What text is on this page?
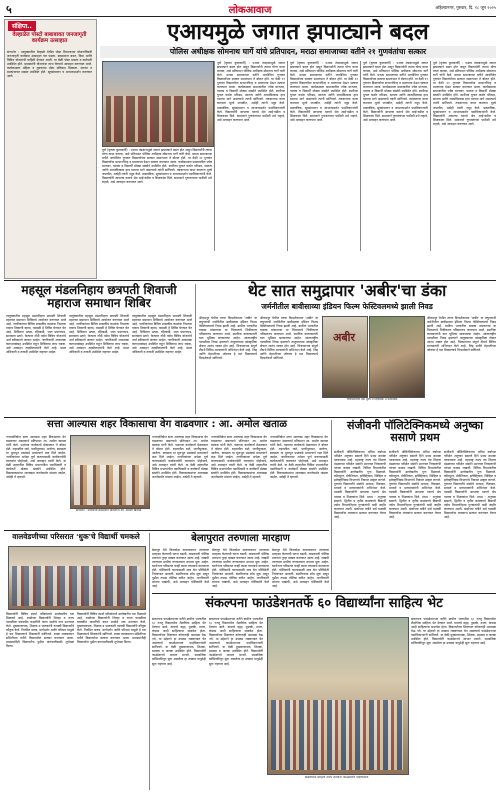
५	लोकआवाज	अहिल्यानगर, गुरुवार, दि. १८ जून २०२५
संक्षिप्त..
वेल्हाळेत पोस्टो बाबाबावत जनजागृती कार्यक्रम उत्साहात
संगमनेर : तालुक्यातील वेल्हाळे येथील पोस्ट विभागाच्या योजनांविषयी जनजागृती कार्यक्रम उत्साहात पार पडला. ग्रामस्थांना बचत, विमा आणि विविध योजनांची माहिती देण्यात आली. या वेळी पोस्ट मास्तर व कर्मचारी उपस्थित होते. ग्रामस्थांनी योजनांचा लाभ घेण्याचे आवाहन करण्यात आले. कार्यक्रमाला महिला व युवकांचा मोठा प्रतिसाद मिळाला. सरपंच व ग्रामपंचायत सदस्य उपस्थित होते. सूत्रसंचालन व आभारप्रदर्शन करण्यात आले.
एआयमुळे जगात झपाट्याने बदल
पोलिस अधीक्षक सोमनाथ घार्गे यांचे प्रतिपादन, मराठा समाजाच्या वतीने २१ गुणवंतांचा सत्कार
पुणे (कृष्णा कुलकर्णी) : एआय तंत्रज्ञानामुळे जगात झपाट्याने बदल होत असून विद्यार्थ्यांनी त्याचा योग्य वापर करावा, असे प्रतिपादन पोलिस अधीक्षक सोमनाथ घार्गे यांनी केले. मराठा समाजाच्या वतीने आयोजित गुणवंत विद्यार्थ्यांच्या सत्कार समारंभात ते बोलत होते. या वेळी २१ गुणवंत विद्यार्थ्यांचा सन्मानचिन्ह व प्रमाणपत्र देऊन सत्कार करण्यात आला. कार्यक्रमाला समाजातील ज्येष्ठ मान्यवर, पालक व विद्यार्थी मोठ्या संख्येने उपस्थित होते. स्पर्धेच्या युगात कठोर परिश्रम, सातत्य आणि आत्मविश्वास हाच यशाचा मार्ग असल्याचे त्यांनी सांगितले. तंत्रज्ञानाचा वापर करताना मूल्ये जपावीत, असेही त्यांनी नमूद केले. प्रास्ताविक, सूत्रसंचालन व आभारप्रदर्शन पदाधिकाऱ्यांनी केले. विद्यार्थ्यांनी आपल्या यशाचे श्रेय आई-वडील व शिक्षकांना दिले. समाजाने गुणवंतांच्या पाठीशी उभे राहावे, असे आवाहन करण्यात आले.
पुणे (कृष्णा कुलकर्णी) : एआय तंत्रज्ञानामुळे जगात झपाट्याने बदल होत असून विद्यार्थ्यांनी त्याचा योग्य वापर करावा, असे प्रतिपादन पोलिस अधीक्षक सोमनाथ घार्गे यांनी केले. मराठा समाजाच्या वतीने आयोजित गुणवंत विद्यार्थ्यांच्या सत्कार समारंभात ते बोलत होते. या वेळी २१ गुणवंत विद्यार्थ्यांचा सन्मानचिन्ह व प्रमाणपत्र देऊन सत्कार करण्यात आला. कार्यक्रमाला समाजातील ज्येष्ठ मान्यवर, पालक व विद्यार्थी मोठ्या संख्येने उपस्थित होते. स्पर्धेच्या युगात कठोर परिश्रम, सातत्य आणि आत्मविश्वास हाच यशाचा मार्ग असल्याचे त्यांनी सांगितले. तंत्रज्ञानाचा वापर करताना मूल्ये जपावीत, असेही त्यांनी नमूद केले. प्रास्ताविक, सूत्रसंचालन व आभारप्रदर्शन पदाधिकाऱ्यांनी केले. विद्यार्थ्यांनी आपल्या यशाचे श्रेय आई-वडील व शिक्षकांना दिले. समाजाने गुणवंतांच्या पाठीशी उभे राहावे, असे आवाहन करण्यात आले.
पुणे (कृष्णा कुलकर्णी) : एआय तंत्रज्ञानामुळे जगात झपाट्याने बदल होत असून विद्यार्थ्यांनी त्याचा योग्य वापर करावा, असे प्रतिपादन पोलिस अधीक्षक सोमनाथ घार्गे यांनी केले. मराठा समाजाच्या वतीने आयोजित गुणवंत विद्यार्थ्यांच्या सत्कार समारंभात ते बोलत होते. या वेळी २१ गुणवंत विद्यार्थ्यांचा सन्मानचिन्ह व प्रमाणपत्र देऊन सत्कार करण्यात आला. कार्यक्रमाला समाजातील ज्येष्ठ मान्यवर, पालक व विद्यार्थी मोठ्या संख्येने उपस्थित होते. स्पर्धेच्या युगात कठोर परिश्रम, सातत्य आणि आत्मविश्वास हाच यशाचा मार्ग असल्याचे त्यांनी सांगितले. तंत्रज्ञानाचा वापर करताना मूल्ये जपावीत, असेही त्यांनी नमूद केले. प्रास्ताविक, सूत्रसंचालन व आभारप्रदर्शन पदाधिकाऱ्यांनी केले. विद्यार्थ्यांनी आपल्या यशाचे श्रेय आई-वडील व शिक्षकांना दिले. समाजाने गुणवंतांच्या पाठीशी उभे राहावे, असे आवाहन करण्यात आले.
पुणे (कृष्णा कुलकर्णी) : एआय तंत्रज्ञानामुळे जगात झपाट्याने बदल होत असून विद्यार्थ्यांनी त्याचा योग्य वापर करावा, असे प्रतिपादन पोलिस अधीक्षक सोमनाथ घार्गे यांनी केले. मराठा समाजाच्या वतीने आयोजित गुणवंत विद्यार्थ्यांच्या सत्कार समारंभात ते बोलत होते. या वेळी २१ गुणवंत विद्यार्थ्यांचा सन्मानचिन्ह व प्रमाणपत्र देऊन सत्कार करण्यात आला. कार्यक्रमाला समाजातील ज्येष्ठ मान्यवर, पालक व विद्यार्थी मोठ्या संख्येने उपस्थित होते. स्पर्धेच्या युगात कठोर परिश्रम, सातत्य आणि आत्मविश्वास हाच यशाचा मार्ग असल्याचे त्यांनी सांगितले. तंत्रज्ञानाचा वापर करताना मूल्ये जपावीत, असेही त्यांनी नमूद केले. प्रास्ताविक, सूत्रसंचालन व आभारप्रदर्शन पदाधिकाऱ्यांनी केले. विद्यार्थ्यांनी आपल्या यशाचे श्रेय आई-वडील व शिक्षकांना दिले. समाजाने गुणवंतांच्या पाठीशी उभे राहावे, असे आवाहन करण्यात आले.
पुणे (कृष्णा कुलकर्णी) : एआय तंत्रज्ञानामुळे जगात झपाट्याने बदल होत असून विद्यार्थ्यांनी त्याचा योग्य वापर करावा, असे प्रतिपादन पोलिस अधीक्षक सोमनाथ घार्गे यांनी केले. मराठा समाजाच्या वतीने आयोजित गुणवंत विद्यार्थ्यांच्या सत्कार समारंभात ते बोलत होते. या वेळी २१ गुणवंत विद्यार्थ्यांचा सन्मानचिन्ह व प्रमाणपत्र देऊन सत्कार करण्यात आला. कार्यक्रमाला समाजातील ज्येष्ठ मान्यवर, पालक व विद्यार्थी मोठ्या संख्येने उपस्थित होते. स्पर्धेच्या युगात कठोर परिश्रम, सातत्य आणि आत्मविश्वास हाच यशाचा मार्ग असल्याचे त्यांनी सांगितले. तंत्रज्ञानाचा वापर करताना मूल्ये जपावीत, असेही त्यांनी नमूद केले. प्रास्ताविक, सूत्रसंचालन व आभारप्रदर्शन पदाधिकाऱ्यांनी केले. विद्यार्थ्यांनी आपल्या यशाचे श्रेय आई-वडील व शिक्षकांना दिले. समाजाने गुणवंतांच्या पाठीशी उभे राहावे, असे आवाहन करण्यात आले.
महसूल मंडलनिहाय छत्रपती शिवाजी महाराज समाधान शिबिर
तालुक्यातील महसूल मंडलनिहाय छत्रपती शिवाजी महाराज समाधान शिबिराचे आयोजन करण्यात आले आहे. नागरिकांच्या विविध शासकीय कामांचा निपटारा एकाच ठिकाणी व्हावा, यासाठी हे शिबिर घेण्यात येत आहे. शिबिरात उत्पन्न, रहिवासी, जात प्रमाणपत्र, सातबारा उतारे, फेरफार नोंदी तसेच विविध योजनांचे अर्ज स्वीकारले जाणार आहेत. नागरिकांनी आवश्यक कागदपत्रांसह उपस्थित राहून शिबिराचा लाभ घ्यावा, असे आवाहन तहसीलदारांनी केले आहे. मंडल अधिकारी व तलाठी उपस्थित राहणार आहेत.
तालुक्यातील महसूल मंडलनिहाय छत्रपती शिवाजी महाराज समाधान शिबिराचे आयोजन करण्यात आले आहे. नागरिकांच्या विविध शासकीय कामांचा निपटारा एकाच ठिकाणी व्हावा, यासाठी हे शिबिर घेण्यात येत आहे. शिबिरात उत्पन्न, रहिवासी, जात प्रमाणपत्र, सातबारा उतारे, फेरफार नोंदी तसेच विविध योजनांचे अर्ज स्वीकारले जाणार आहेत. नागरिकांनी आवश्यक कागदपत्रांसह उपस्थित राहून शिबिराचा लाभ घ्यावा, असे आवाहन तहसीलदारांनी केले आहे. मंडल अधिकारी व तलाठी उपस्थित राहणार आहेत.
तालुक्यातील महसूल मंडलनिहाय छत्रपती शिवाजी महाराज समाधान शिबिराचे आयोजन करण्यात आले आहे. नागरिकांच्या विविध शासकीय कामांचा निपटारा एकाच ठिकाणी व्हावा, यासाठी हे शिबिर घेण्यात येत आहे. शिबिरात उत्पन्न, रहिवासी, जात प्रमाणपत्र, सातबारा उतारे, फेरफार नोंदी तसेच विविध योजनांचे अर्ज स्वीकारले जाणार आहेत. नागरिकांनी आवश्यक कागदपत्रांसह उपस्थित राहून शिबिराचा लाभ घ्यावा, असे आवाहन तहसीलदारांनी केले आहे. मंडल अधिकारी व तलाठी उपस्थित राहणार आहेत.
थेट सात समुद्रापार 'अबीर'चा डंका
जर्मनीतील बावीसाव्या इंडियन फिल्म फेस्टिवलमध्ये झाली निवड
श्रीरामपूर येथील तरुण दिग्दर्शकाच्या 'अबीर' या लघुपटाची जर्मनीतील बावीसाव्या इंडियन फिल्म फेस्टिवलमध्ये निवड झाली आहे. ग्रामीण भागातील वास्तव मांडणाऱ्या या चित्रपटाचे चित्रीकरण परिसरातच करण्यात आले. स्थानिक कलाकारांनी यात भूमिका साकारल्या आहेत. आंतरराष्ट्रीय पातळीवर निवड झाल्याने तालुक्याच्या सांस्कृतिक क्षेत्रात आनंद व्यक्त होत आहे. चित्रपटाच्या संपूर्ण टीमचे विविध मान्यवरांनी अभिनंदन केले आहे. जिद्द आणि मेहनतीच्या जोरावर हे यश मिळाल्याचे दिग्दर्शकाने सांगितले.
श्रीरामपूर येथील तरुण दिग्दर्शकाच्या 'अबीर' या लघुपटाची जर्मनीतील बावीसाव्या इंडियन फिल्म फेस्टिवलमध्ये निवड झाली आहे. ग्रामीण भागातील वास्तव मांडणाऱ्या या चित्रपटाचे चित्रीकरण परिसरातच करण्यात आले. स्थानिक कलाकारांनी यात भूमिका साकारल्या आहेत. आंतरराष्ट्रीय पातळीवर निवड झाल्याने तालुक्याच्या सांस्कृतिक क्षेत्रात आनंद व्यक्त होत आहे. चित्रपटाच्या संपूर्ण टीमचे विविध मान्यवरांनी अभिनंदन केले आहे. जिद्द आणि मेहनतीच्या जोरावर हे यश मिळाल्याचे दिग्दर्शकाने सांगितले.
अबीर
चित्रपटातील एक दृश्य व दिग्दर्शक व कलाकार.
श्रीरामपूर येथील तरुण दिग्दर्शकाच्या 'अबीर' या लघुपटाची जर्मनीतील बावीसाव्या इंडियन फिल्म फेस्टिवलमध्ये निवड झाली आहे. ग्रामीण भागातील वास्तव मांडणाऱ्या या चित्रपटाचे चित्रीकरण परिसरातच करण्यात आले. स्थानिक कलाकारांनी यात भूमिका साकारल्या आहेत. आंतरराष्ट्रीय पातळीवर निवड झाल्याने तालुक्याच्या सांस्कृतिक क्षेत्रात आनंद व्यक्त होत आहे. चित्रपटाच्या संपूर्ण टीमचे विविध मान्यवरांनी अभिनंदन केले आहे. जिद्द आणि मेहनतीच्या जोरावर हे यश मिळाल्याचे दिग्दर्शकाने सांगितले.
सत्ता आल्यास शहर विकासाचा वेग वाढवणार : आ. अमोल खताळ
नगरपालिकेत सत्ता आल्यास शहर विकासाचा वेग वाढवणार असल्याचे प्रतिपादन आ. अमोल खताळ यांनी केले. पक्षाच्या कार्यकर्ता मेळाव्यात ते बोलत होते. शहरातील रस्ते, पाणीपुरवठा, आरोग्य, स्वच्छता या मूलभूत प्रश्नांकडे प्राधान्याने लक्ष दिले जाईल. नागरिकांच्या अपेक्षा पूर्ण करण्यासाठी कार्यकर्त्यांनी घराघरांत पोहोचावे, असे आवाहन त्यांनी केले. या वेळी शहरातील विविध प्रभागांतील पदाधिकारी व कार्यकर्ते मोठ्या संख्येने उपस्थित होते. विकासकामांचा आराखडा जनतेसमोर मांडला जाईल, असेही ते म्हणाले.
संगमनेर : कार्यकर्ता मेळाव्यात बोलताना आ. अमोल खताळ.
नगरपालिकेत सत्ता आल्यास शहर विकासाचा वेग वाढवणार असल्याचे प्रतिपादन आ. अमोल खताळ यांनी केले. पक्षाच्या कार्यकर्ता मेळाव्यात ते बोलत होते. शहरातील रस्ते, पाणीपुरवठा, आरोग्य, स्वच्छता या मूलभूत प्रश्नांकडे प्राधान्याने लक्ष दिले जाईल. नागरिकांच्या अपेक्षा पूर्ण करण्यासाठी कार्यकर्त्यांनी घराघरांत पोहोचावे, असे आवाहन त्यांनी केले. या वेळी शहरातील विविध प्रभागांतील पदाधिकारी व कार्यकर्ते मोठ्या संख्येने उपस्थित होते. विकासकामांचा आराखडा जनतेसमोर मांडला जाईल, असेही ते म्हणाले.
नगरपालिकेत सत्ता आल्यास शहर विकासाचा वेग वाढवणार असल्याचे प्रतिपादन आ. अमोल खताळ यांनी केले. पक्षाच्या कार्यकर्ता मेळाव्यात ते बोलत होते. शहरातील रस्ते, पाणीपुरवठा, आरोग्य, स्वच्छता या मूलभूत प्रश्नांकडे प्राधान्याने लक्ष दिले जाईल. नागरिकांच्या अपेक्षा पूर्ण करण्यासाठी कार्यकर्त्यांनी घराघरांत पोहोचावे, असे आवाहन त्यांनी केले. या वेळी शहरातील विविध प्रभागांतील पदाधिकारी व कार्यकर्ते मोठ्या संख्येने उपस्थित होते. विकासकामांचा आराखडा जनतेसमोर मांडला जाईल, असेही ते म्हणाले.
नगरपालिकेत सत्ता आल्यास शहर विकासाचा वेग वाढवणार असल्याचे प्रतिपादन आ. अमोल खताळ यांनी केले. पक्षाच्या कार्यकर्ता मेळाव्यात ते बोलत होते. शहरातील रस्ते, पाणीपुरवठा, आरोग्य, स्वच्छता या मूलभूत प्रश्नांकडे प्राधान्याने लक्ष दिले जाईल. नागरिकांच्या अपेक्षा पूर्ण करण्यासाठी कार्यकर्त्यांनी घराघरांत पोहोचावे, असे आवाहन त्यांनी केले. या वेळी शहरातील विविध प्रभागांतील पदाधिकारी व कार्यकर्ते मोठ्या संख्येने उपस्थित होते. विकासकामांचा आराखडा जनतेसमोर मांडला जाईल, असेही ते म्हणाले.
संजीवनी पॉलिटेक्निकमध्ये अनुष्का ससाणे प्रथम
संजीवनी पॉलिटेक्निकच्या अंतिम वर्षाच्या परीक्षेत अनुष्का ससाणे हिने प्रथम क्रमांक पटकावला आहे. महाराष्ट्र राज्य तंत्र शिक्षण मंडळाच्या परीक्षेत संस्थेने उज्ज्वल निकालाची परंपरा कायम राखली. विविध विभागांतील विद्यार्थ्यांनी उल्लेखनीय गुण मिळवले. कॉम्प्युटर, मेकॅनिकल, इलेक्ट्रिकल, सिव्हिल व इलेक्ट्रॉनिक्स विभागांचे निकाल उत्कृष्ट लागले. गुणवंत विद्यार्थ्यांचे संस्थेचे अध्यक्ष, विश्वस्त, प्राचार्य व प्राध्यापकांनी अभिनंदन केले. यशस्वी विद्यार्थ्यांनी आपल्या यशाचे श्रेय पालक व शिक्षकांना दिले. प्रथम - अनुष्का ससाणे, द्वितीय व तृतीय क्रमांकाचे विद्यार्थी तसेच विभागनिहाय गुणवंतांची यादी जाहीर करण्यात आली. संस्थेच्या वतीने सर्व यशस्वी विद्यार्थ्यांचा लवकरच सत्कार करण्यात येणार आहे.
संजीवनी पॉलिटेक्निकच्या अंतिम वर्षाच्या परीक्षेत अनुष्का ससाणे हिने प्रथम क्रमांक पटकावला आहे. महाराष्ट्र राज्य तंत्र शिक्षण मंडळाच्या परीक्षेत संस्थेने उज्ज्वल निकालाची परंपरा कायम राखली. विविध विभागांतील विद्यार्थ्यांनी उल्लेखनीय गुण मिळवले. कॉम्प्युटर, मेकॅनिकल, इलेक्ट्रिकल, सिव्हिल व इलेक्ट्रॉनिक्स विभागांचे निकाल उत्कृष्ट लागले. गुणवंत विद्यार्थ्यांचे संस्थेचे अध्यक्ष, विश्वस्त, प्राचार्य व प्राध्यापकांनी अभिनंदन केले. यशस्वी विद्यार्थ्यांनी आपल्या यशाचे श्रेय पालक व शिक्षकांना दिले. प्रथम - अनुष्का ससाणे, द्वितीय व तृतीय क्रमांकाचे विद्यार्थी तसेच विभागनिहाय गुणवंतांची यादी जाहीर करण्यात आली. संस्थेच्या वतीने सर्व यशस्वी विद्यार्थ्यांचा लवकरच सत्कार करण्यात येणार आहे.
संजीवनी पॉलिटेक्निकच्या अंतिम वर्षाच्या परीक्षेत अनुष्का ससाणे हिने प्रथम क्रमांक पटकावला आहे. महाराष्ट्र राज्य तंत्र शिक्षण मंडळाच्या परीक्षेत संस्थेने उज्ज्वल निकालाची परंपरा कायम राखली. विविध विभागांतील विद्यार्थ्यांनी उल्लेखनीय गुण मिळवले. कॉम्प्युटर, मेकॅनिकल, इलेक्ट्रिकल, सिव्हिल व इलेक्ट्रॉनिक्स विभागांचे निकाल उत्कृष्ट लागले. गुणवंत विद्यार्थ्यांचे संस्थेचे अध्यक्ष, विश्वस्त, प्राचार्य व प्राध्यापकांनी अभिनंदन केले. यशस्वी विद्यार्थ्यांनी आपल्या यशाचे श्रेय पालक व शिक्षकांना दिले. प्रथम - अनुष्का ससाणे, द्वितीय व तृतीय क्रमांकाचे विद्यार्थी तसेच विभागनिहाय गुणवंतांची यादी जाहीर करण्यात आली. संस्थेच्या वतीने सर्व यशस्वी विद्यार्थ्यांचा लवकरच सत्कार करण्यात येणार आहे.
वालवेडणीच्या परिसरात 'धुक'चे विद्यार्थी चमकले
विद्यार्थ्यांनी विविध स्पर्धा परीक्षांमध्ये उल्लेखनीय यश मिळवले आहे. शाळेच्या विद्यार्थ्यांनी जिल्हा व राज्य पातळीवर घवघवीत कामगिरी करत शाळेचे नाव उज्ज्वल केले. मुख्याध्यापक, शिक्षक व पालकांनी यशस्वी विद्यार्थ्यांचे कौतुक केले. नियमित सराव, मार्गदर्शन आणि परिश्रम यामुळे हे यश मिळाल्याचे शिक्षकांनी सांगितले. शाळा व्यवस्थापन समितीच्या वतीने विद्यार्थ्यांचा सत्कार करण्यात आला. ग्रामस्थांनीही विद्यार्थ्यांना पुढील वाटचालीसाठी शुभेच्छा दिल्या.
विद्यार्थ्यांनी विविध स्पर्धा परीक्षांमध्ये उल्लेखनीय यश मिळवले आहे. शाळेच्या विद्यार्थ्यांनी जिल्हा व राज्य पातळीवर घवघवीत कामगिरी करत शाळेचे नाव उज्ज्वल केले. मुख्याध्यापक, शिक्षक व पालकांनी यशस्वी विद्यार्थ्यांचे कौतुक केले. नियमित सराव, मार्गदर्शन आणि परिश्रम यामुळे हे यश मिळाल्याचे शिक्षकांनी सांगितले. शाळा व्यवस्थापन समितीच्या वतीने विद्यार्थ्यांचा सत्कार करण्यात आला. ग्रामस्थांनीही विद्यार्थ्यांना पुढील वाटचालीसाठी शुभेच्छा दिल्या.
बेलापुरात तरुणाला मारहाण
बेलापूर येथे किरकोळ कारणावरून तरुणाला मारहाण केल्याची घटना घडली. याप्रकरणी पोलिस ठाण्यात गुन्हा दाखल करण्यात आला आहे. जखमी तरुणावर ग्रामीण रुग्णालयात उपचार सुरू आहेत. घटनेनंतर परिसरात काही काळ तणावाचे वातावरण होते. पोलिसांनी घटनास्थळी धाव घेत परिस्थिती नियंत्रणात आणली. संशयितांचा शोध सुरू असून पुढील तपास पोलिस करीत आहेत. नागरिकांनी शांतता राखावी, असे आवाहन पोलिसांनी केले आहे.
बेलापूर येथे किरकोळ कारणावरून तरुणाला मारहाण केल्याची घटना घडली. याप्रकरणी पोलिस ठाण्यात गुन्हा दाखल करण्यात आला आहे. जखमी तरुणावर ग्रामीण रुग्णालयात उपचार सुरू आहेत. घटनेनंतर परिसरात काही काळ तणावाचे वातावरण होते. पोलिसांनी घटनास्थळी धाव घेत परिस्थिती नियंत्रणात आणली. संशयितांचा शोध सुरू असून पुढील तपास पोलिस करीत आहेत. नागरिकांनी शांतता राखावी, असे आवाहन पोलिसांनी केले आहे.
बेलापूर येथे किरकोळ कारणावरून तरुणाला मारहाण केल्याची घटना घडली. याप्रकरणी पोलिस ठाण्यात गुन्हा दाखल करण्यात आला आहे. जखमी तरुणावर ग्रामीण रुग्णालयात उपचार सुरू आहेत. घटनेनंतर परिसरात काही काळ तणावाचे वातावरण होते. पोलिसांनी घटनास्थळी धाव घेत परिस्थिती नियंत्रणात आणली. संशयितांचा शोध सुरू असून पुढील तपास पोलिस करीत आहेत. नागरिकांनी शांतता राखावी, असे आवाहन पोलिसांनी केले आहे.
संकल्पना फाउंडेशनतर्फे ६० विद्यार्थ्यांना साहित्य भेट
संकल्पना फाउंडेशनच्या वतीने ग्रामीण भागातील ६० गरजू विद्यार्थ्यांना शैक्षणिक साहित्य भेट देण्यात आले. यामध्ये वह्या, पुस्तके, दप्तर, कंपास आदी साहित्याचा समावेश होता. विद्यार्थ्यांच्या शिक्षणात कोणताही अडथळा येऊ नये, या उद्देशाने हा उपक्रम राबवण्यात येत असल्याचे फाउंडेशनच्या पदाधिकाऱ्यांनी सांगितले. या वेळी मुख्याध्यापक, शिक्षक, ग्रामस्थ व पालक उपस्थित होते. विद्यार्थ्यांनी फाउंडेशनचे आभार मानले. सामाजिक बांधिलकीतून सुरू असलेला हा उपक्रम यापुढेही सुरू राहणार आहे.
संकल्पना फाउंडेशनच्या वतीने ग्रामीण भागातील ६० गरजू विद्यार्थ्यांना शैक्षणिक साहित्य भेट देण्यात आले. यामध्ये वह्या, पुस्तके, दप्तर, कंपास आदी साहित्याचा समावेश होता. विद्यार्थ्यांच्या शिक्षणात कोणताही अडथळा येऊ नये, या उद्देशाने हा उपक्रम राबवण्यात येत असल्याचे फाउंडेशनच्या पदाधिकाऱ्यांनी सांगितले. या वेळी मुख्याध्यापक, शिक्षक, ग्रामस्थ व पालक उपस्थित होते. विद्यार्थ्यांनी फाउंडेशनचे आभार मानले. सामाजिक बांधिलकीतून सुरू असलेला हा उपक्रम यापुढेही सुरू राहणार आहे.
विद्यार्थ्यांना साहित्य वाटप करताना फाउंडेशनचे पदाधिकारी.
संकल्पना फाउंडेशनच्या वतीने ग्रामीण भागातील ६० गरजू विद्यार्थ्यांना शैक्षणिक साहित्य भेट देण्यात आले. यामध्ये वह्या, पुस्तके, दप्तर, कंपास आदी साहित्याचा समावेश होता. विद्यार्थ्यांच्या शिक्षणात कोणताही अडथळा येऊ नये, या उद्देशाने हा उपक्रम राबवण्यात येत असल्याचे फाउंडेशनच्या पदाधिकाऱ्यांनी सांगितले. या वेळी मुख्याध्यापक, शिक्षक, ग्रामस्थ व पालक उपस्थित होते. विद्यार्थ्यांनी फाउंडेशनचे आभार मानले. सामाजिक बांधिलकीतून सुरू असलेला हा उपक्रम यापुढेही सुरू राहणार आहे.
